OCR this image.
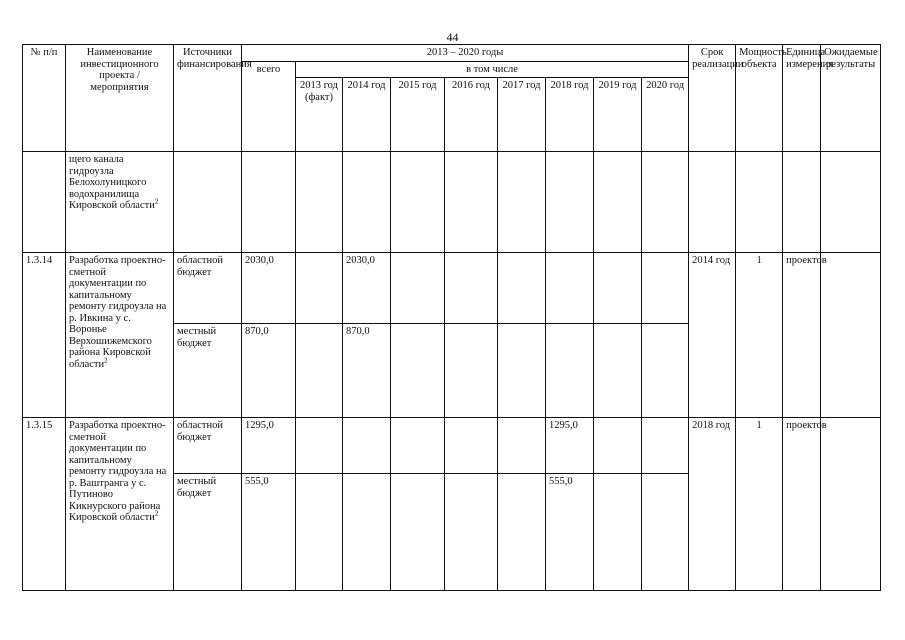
44
№ п/п	Наименование инвестиционного проекта / мероприятия	Источники финансирования	2013 – 2020 годы									Срок реализации	Мощность объекта	Единица измерения	Ожидаемые результаты
			всего	в том числе											
				2013 год (факт)	2014 год	2015 год	2016 год	2017 год	2018 год	2019 год	2020 год				
	щего канала гидроузла Белохолуницкого водохранилища Кировской области$^2$														
1.3.14	Разработка проектно-сметной документации по капитальному ремонту гидроузла на р. Ивкина у с. Воронье Верхошижемского района Кировской области$^2$	областной бюджет	2030,0		2030,0							2014 год	1	проектов	
		местный бюджет	870,0		870,0										
1.3.15	Разработка проектно-сметной документации по капитальному ремонту гидроузла на р. Ваштранга у с. Путиново Кикнурского района Кировской области$^2$	областной бюджет	1295,0						1295,0			2018 год	1	проектов	
		местный бюджет	555,0						555,0						
